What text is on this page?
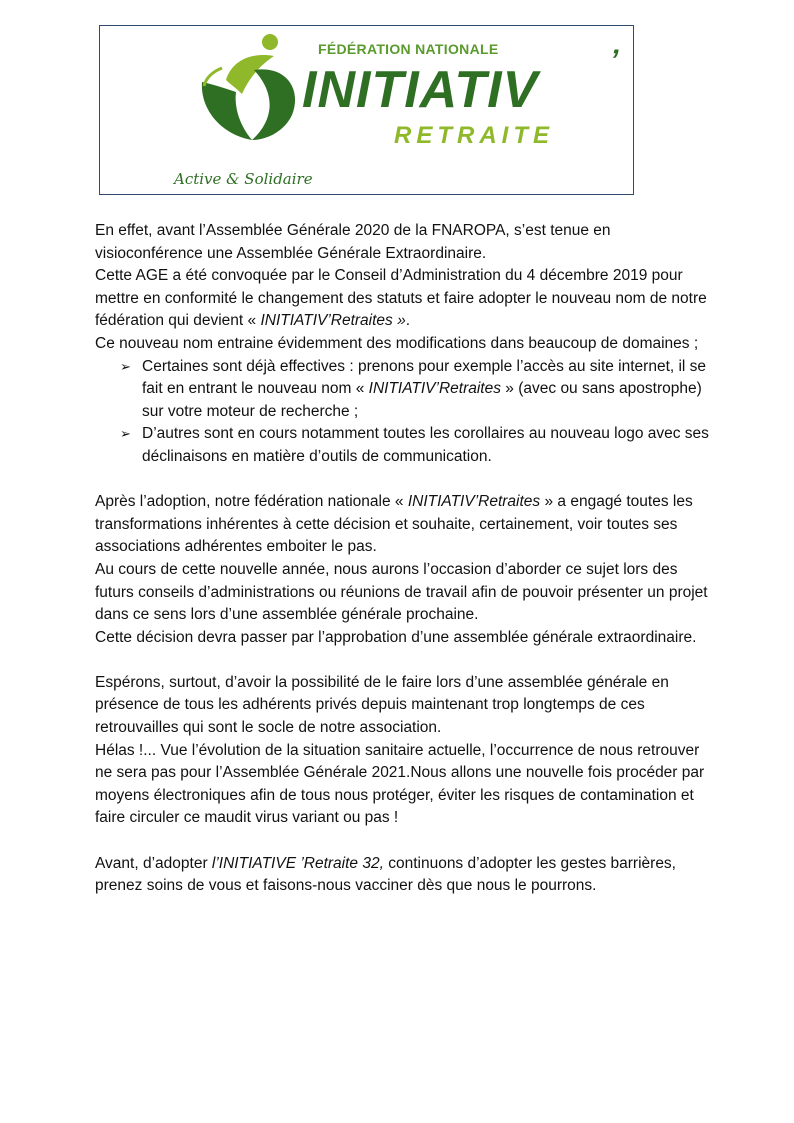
FÉDÉRATION NATIONALE
INITIATIV
’
RETRAITE
Active & Solidaire

En effet, avant l’Assemblée Générale 2020 de la FNAROPA, s’est tenue en visioconférence une Assemblée Générale Extraordinaire.

Cette AGE a été convoquée par le Conseil d’Administration du 4 décembre 2019 pour mettre en conformité le changement des statuts et faire adopter le nouveau nom de notre fédération qui devient « INITIATIV’Retraites ».

Ce nouveau nom entraine évidemment des modifications dans beaucoup de domaines ;

➢ Certaines sont déjà effectives : prenons pour exemple l’accès au site internet, il se fait en entrant le nouveau nom « INITIATIV’Retraites » (avec ou sans apostrophe) sur votre moteur de recherche ;
➢ D’autres sont en cours notamment toutes les corollaires au nouveau logo avec ses déclinaisons en matière d’outils de communication.

Après l’adoption, notre fédération nationale « INITIATIV’Retraites » a engagé toutes les transformations inhérentes à cette décision et souhaite, certainement, voir toutes ses associations adhérentes emboiter le pas.

Au cours de cette nouvelle année, nous aurons l’occasion d’aborder ce sujet lors des futurs conseils d’administrations ou réunions de travail afin de pouvoir présenter un projet dans ce sens lors d’une assemblée générale prochaine.

Cette décision devra passer par l’approbation d’une assemblée générale extraordinaire.

Espérons, surtout, d’avoir la possibilité de le faire lors d’une assemblée générale en présence de tous les adhérents privés depuis maintenant trop longtemps de ces retrouvailles qui sont le socle de notre association.

Hélas !... Vue l’évolution de la situation sanitaire actuelle, l’occurrence de nous retrouver ne sera pas pour l’Assemblée Générale 2021.Nous allons une nouvelle fois procéder par moyens électroniques afin de tous nous protéger, éviter les risques de contamination et faire circuler ce maudit virus variant ou pas !

Avant, d’adopter l’INITIATIVE ’Retraite 32, continuons d’adopter les gestes barrières, prenez soins de vous et faisons-nous vacciner dès que nous le pourrons.
